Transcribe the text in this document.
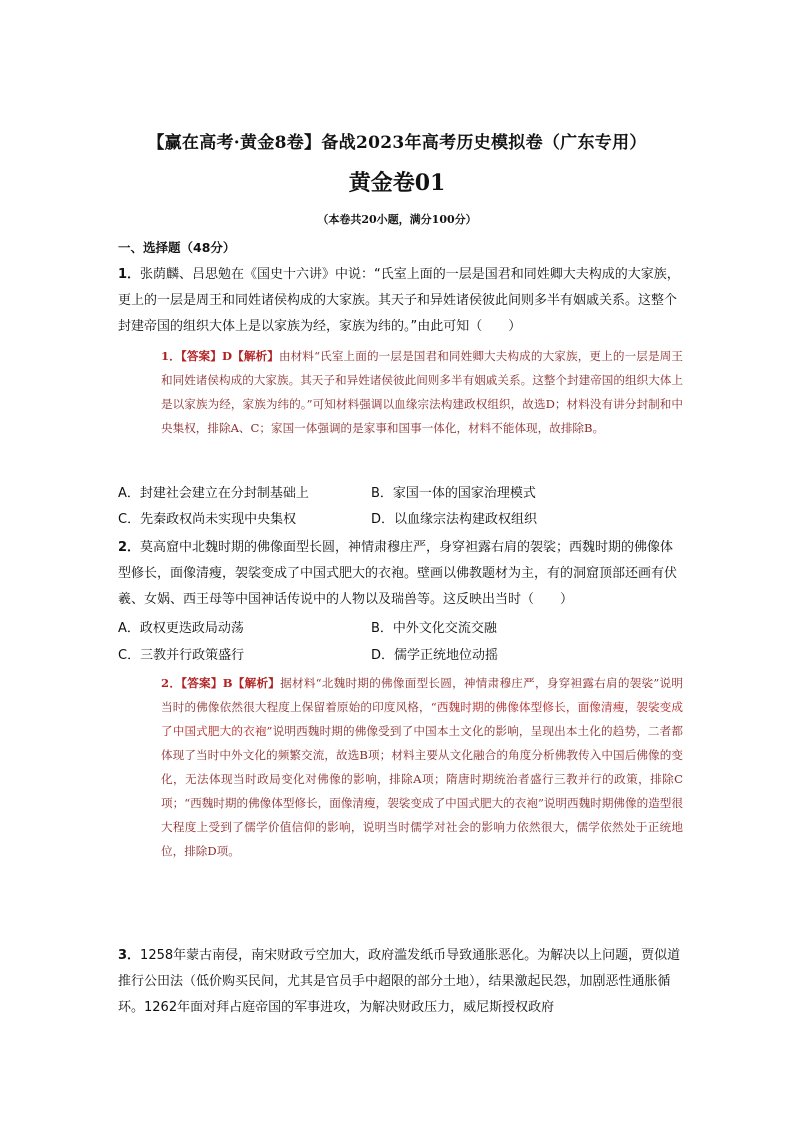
【赢在高考·黄金8卷】备战2023年高考历史模拟卷（广东专用）
黄金卷01
（本卷共20小题，满分100分）
一、选择题（48分）
1．张荫麟、吕思勉在《国史十六讲》中说：“氏室上面的一层是国君和同姓卿大夫构成的大家族，更上的一层是周王和同姓诸侯构成的大家族。其天子和异姓诸侯彼此间则多半有姻戚关系。这整个封建帝国的组织大体上是以家族为经，家族为纬的。”由此可知（　　）
1．【答案】D【解析】由材料“氏室上面的一层是国君和同姓卿大夫构成的大家族，更上的一层是周王和同姓诸侯构成的大家族。其天子和异姓诸侯彼此间则多半有姻戚关系。这整个封建帝国的组织大体上是以家族为经，家族为纬的。”可知材料强调以血缘宗法构建政权组织，故选D；材料没有讲分封制和中央集权，排除A、C；家国一体强调的是家事和国事一体化，材料不能体现，故排除B。
A．封建社会建立在分封制基础上	B．家国一体的国家治理模式
C．先秦政权尚未实现中央集权	D．以血缘宗法构建政权组织
2．莫高窟中北魏时期的佛像面型长圆，神情肃穆庄严，身穿袒露右肩的袈裟；西魏时期的佛像体型修长，面像清瘦，袈裟变成了中国式肥大的衣袍。壁画以佛教题材为主，有的洞窟顶部还画有伏羲、女娲、西王母等中国神话传说中的人物以及瑞兽等。这反映出当时（　　）
A．政权更迭政局动荡	B．中外文化交流交融
C．三教并行政策盛行	D．儒学正统地位动摇
2．【答案】B【解析】据材料“北魏时期的佛像面型长圆，神情肃穆庄严，身穿袒露右肩的袈裟”说明当时的佛像依然很大程度上保留着原始的印度风格，“西魏时期的佛像体型修长，面像清瘦，袈裟变成了中国式肥大的衣袍”说明西魏时期的佛像受到了中国本土文化的影响，呈现出本土化的趋势，二者都体现了当时中外文化的频繁交流，故选B项；材料主要从文化融合的角度分析佛教传入中国后佛像的变化，无法体现当时政局变化对佛像的影响，排除A项；隋唐时期统治者盛行三教并行的政策，排除C项；“西魏时期的佛像体型修长，面像清瘦，袈裟变成了中国式肥大的衣袍”说明西魏时期佛像的造型很大程度上受到了儒学价值信仰的影响，说明当时儒学对社会的影响力依然很大，儒学依然处于正统地位，排除D项。
3．1258年蒙古南侵，南宋财政亏空加大，政府滥发纸币导致通胀恶化。为解决以上问题，贾似道推行公田法（低价购买民间，尤其是官员手中超限的部分土地），结果激起民怨，加剧恶性通胀循环。1262年面对拜占庭帝国的军事进攻，为解决财政压力，威尼斯授权政府
